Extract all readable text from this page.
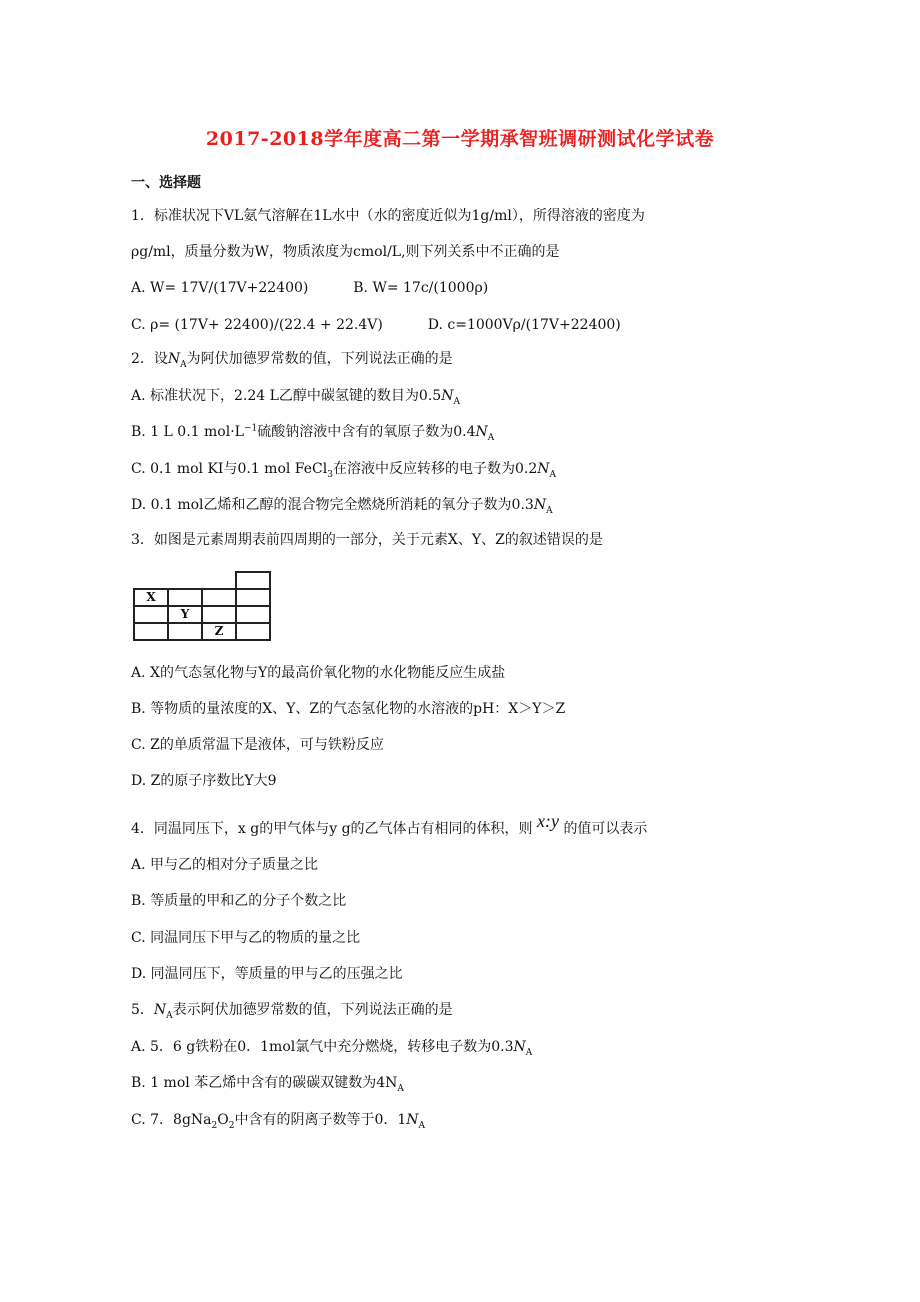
2017-2018学年度高二第一学期承智班调研测试化学试卷
一、选择题
1．标准状况下VL氨气溶解在1L水中（水的密度近似为1g/ml），所得溶液的密度为
ρg/ml，质量分数为W，物质浓度为cmol/L,则下列关系中不正确的是
A. W= 17V/(17V+22400)	B. W= 17c/(1000ρ)
C. ρ= (17V+ 22400)/(22.4 + 22.4V)	D. c=1000Vρ/(17V+22400)
2．设$N_A$为阿伏加德罗常数的值，下列说法正确的是
A. 标准状况下，2.24 L乙醇中碳氢键的数目为$0.5N_A$
B. 1 L 0.1 $mol\cdot L^{-1}$硫酸钠溶液中含有的氧原子数为$0.4N_A$
C. 0.1 mol KI与0.1 mol FeCl$_3$在溶液中反应转移的电子数为$0.2N_A$
D. 0.1 mol乙烯和乙醇的混合物完全燃烧所消耗的氧分子数为$0.3N_A$
3．如图是元素周期表前四周期的一部分，关于元素X、Y、Z的叙述错误的是

X			
	Y		
		Z	
A. X的气态氢化物与Y的最高价氧化物的水化物能反应生成盐
B. 等物质的量浓度的X、Y、Z的气态氢化物的水溶液的pH：X＞Y＞Z
C. Z的单质常温下是液体，可与铁粉反应
D. Z的原子序数比Y大9
4．同温同压下，x g的甲气体与y g的乙气体占有相同的体积，则 x:y 的值可以表示
A. 甲与乙的相对分子质量之比
B. 等质量的甲和乙的分子个数之比
C. 同温同压下甲与乙的物质的量之比
D. 同温同压下，等质量的甲与乙的压强之比
5．$N_A$表示阿伏加德罗常数的值，下列说法正确的是
A. 5．6 g铁粉在0．1mol氯气中充分燃烧，转移电子数为$0.3N_A$
B. 1 mol 苯乙烯中含有的碳碳双键数为$4N_A$
C. 7．$8gNa_2O_2$中含有的阴离子数等于0．$1N_A$
